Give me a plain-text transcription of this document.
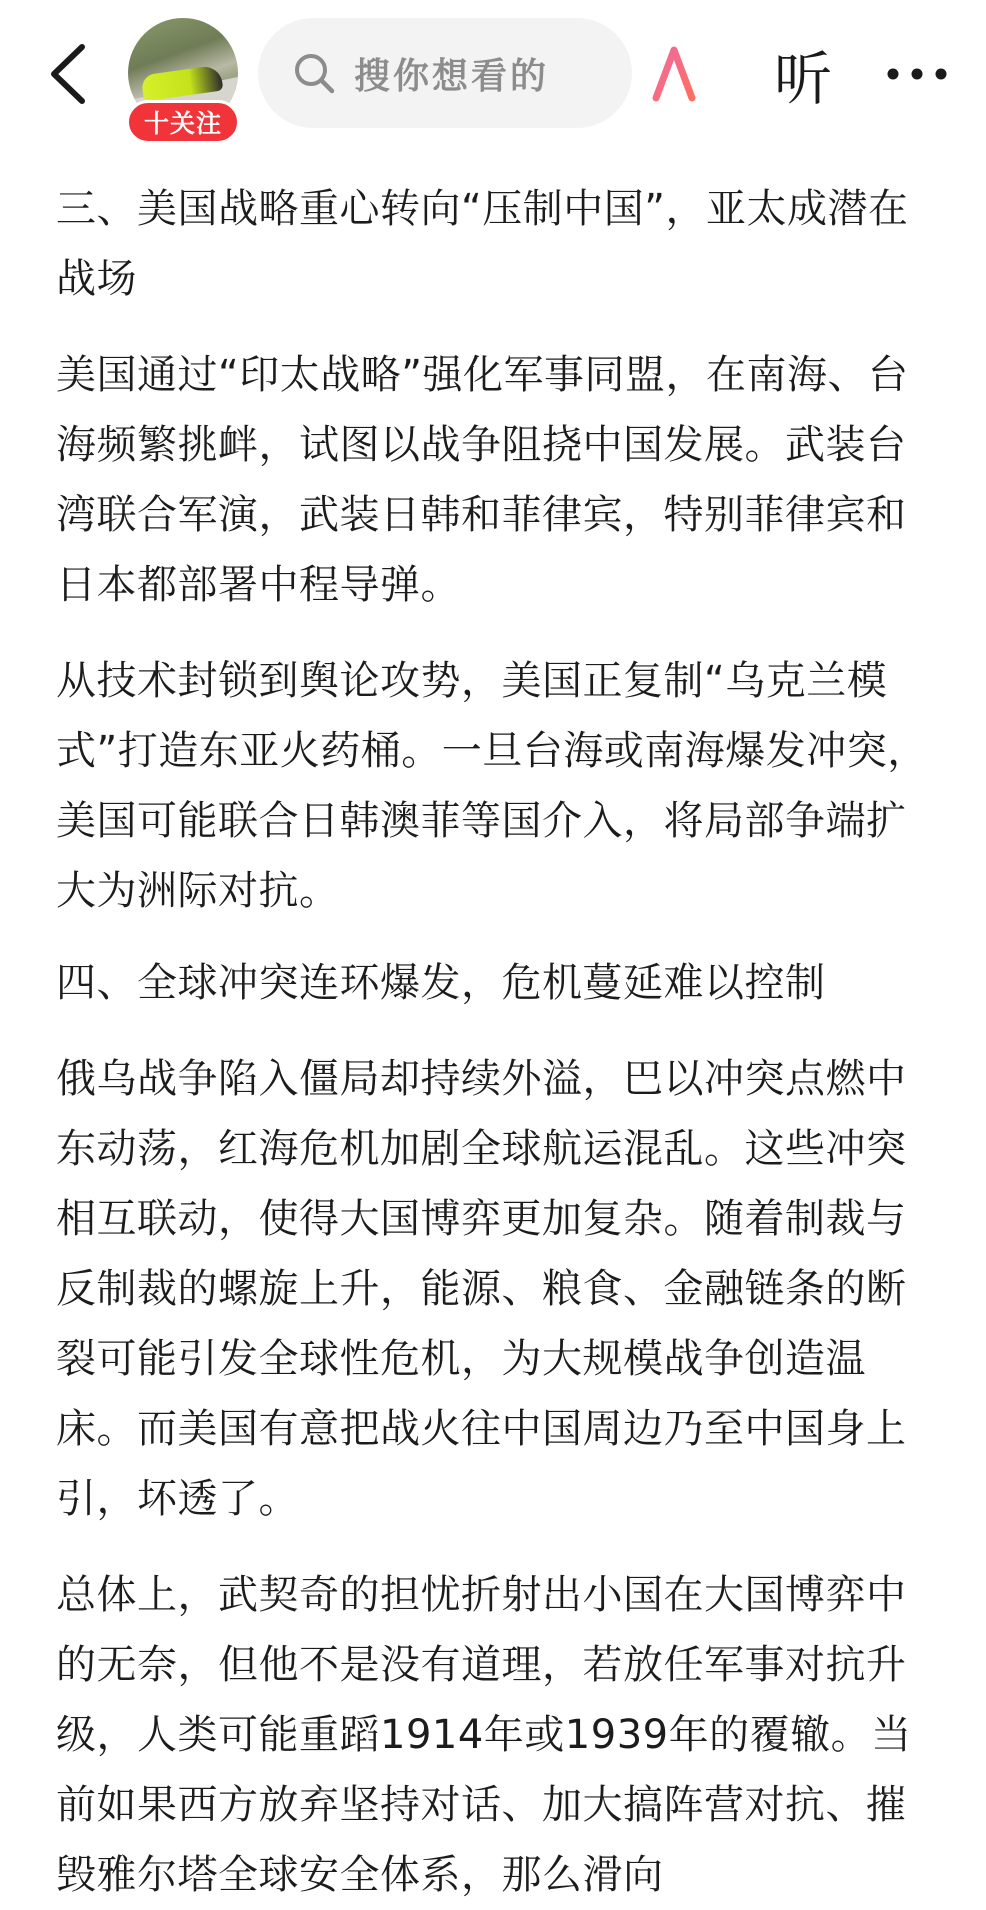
十关注
搜你想看的	听

三、美国战略重心转向“压制中国”，亚太成潜在战场

美国通过“印太战略”强化军事同盟，在南海、台海频繁挑衅，试图以战争阻挠中国发展。武装台湾联合军演，武装日韩和菲律宾，特别菲律宾和日本都部署中程导弹。

从技术封锁到舆论攻势，美国正复制“乌克兰模式”打造东亚火药桶。一旦台海或南海爆发冲突，美国可能联合日韩澳菲等国介入，将局部争端扩大为洲际对抗。

四、全球冲突连环爆发，危机蔓延难以控制

俄乌战争陷入僵局却持续外溢，巴以冲突点燃中东动荡，红海危机加剧全球航运混乱。这些冲突相互联动，使得大国博弈更加复杂。随着制裁与反制裁的螺旋上升，能源、粮食、金融链条的断裂可能引发全球性危机，为大规模战争创造温床。而美国有意把战火往中国周边乃至中国身上引，坏透了。

总体上，武契奇的担忧折射出小国在大国博弈中的无奈，但他不是没有道理，若放任军事对抗升级，人类可能重蹈1914年或1939年的覆辙。当前如果西方放弃坚持对话、加大搞阵营对抗、摧毁雅尔塔全球安全体系，那么滑向
